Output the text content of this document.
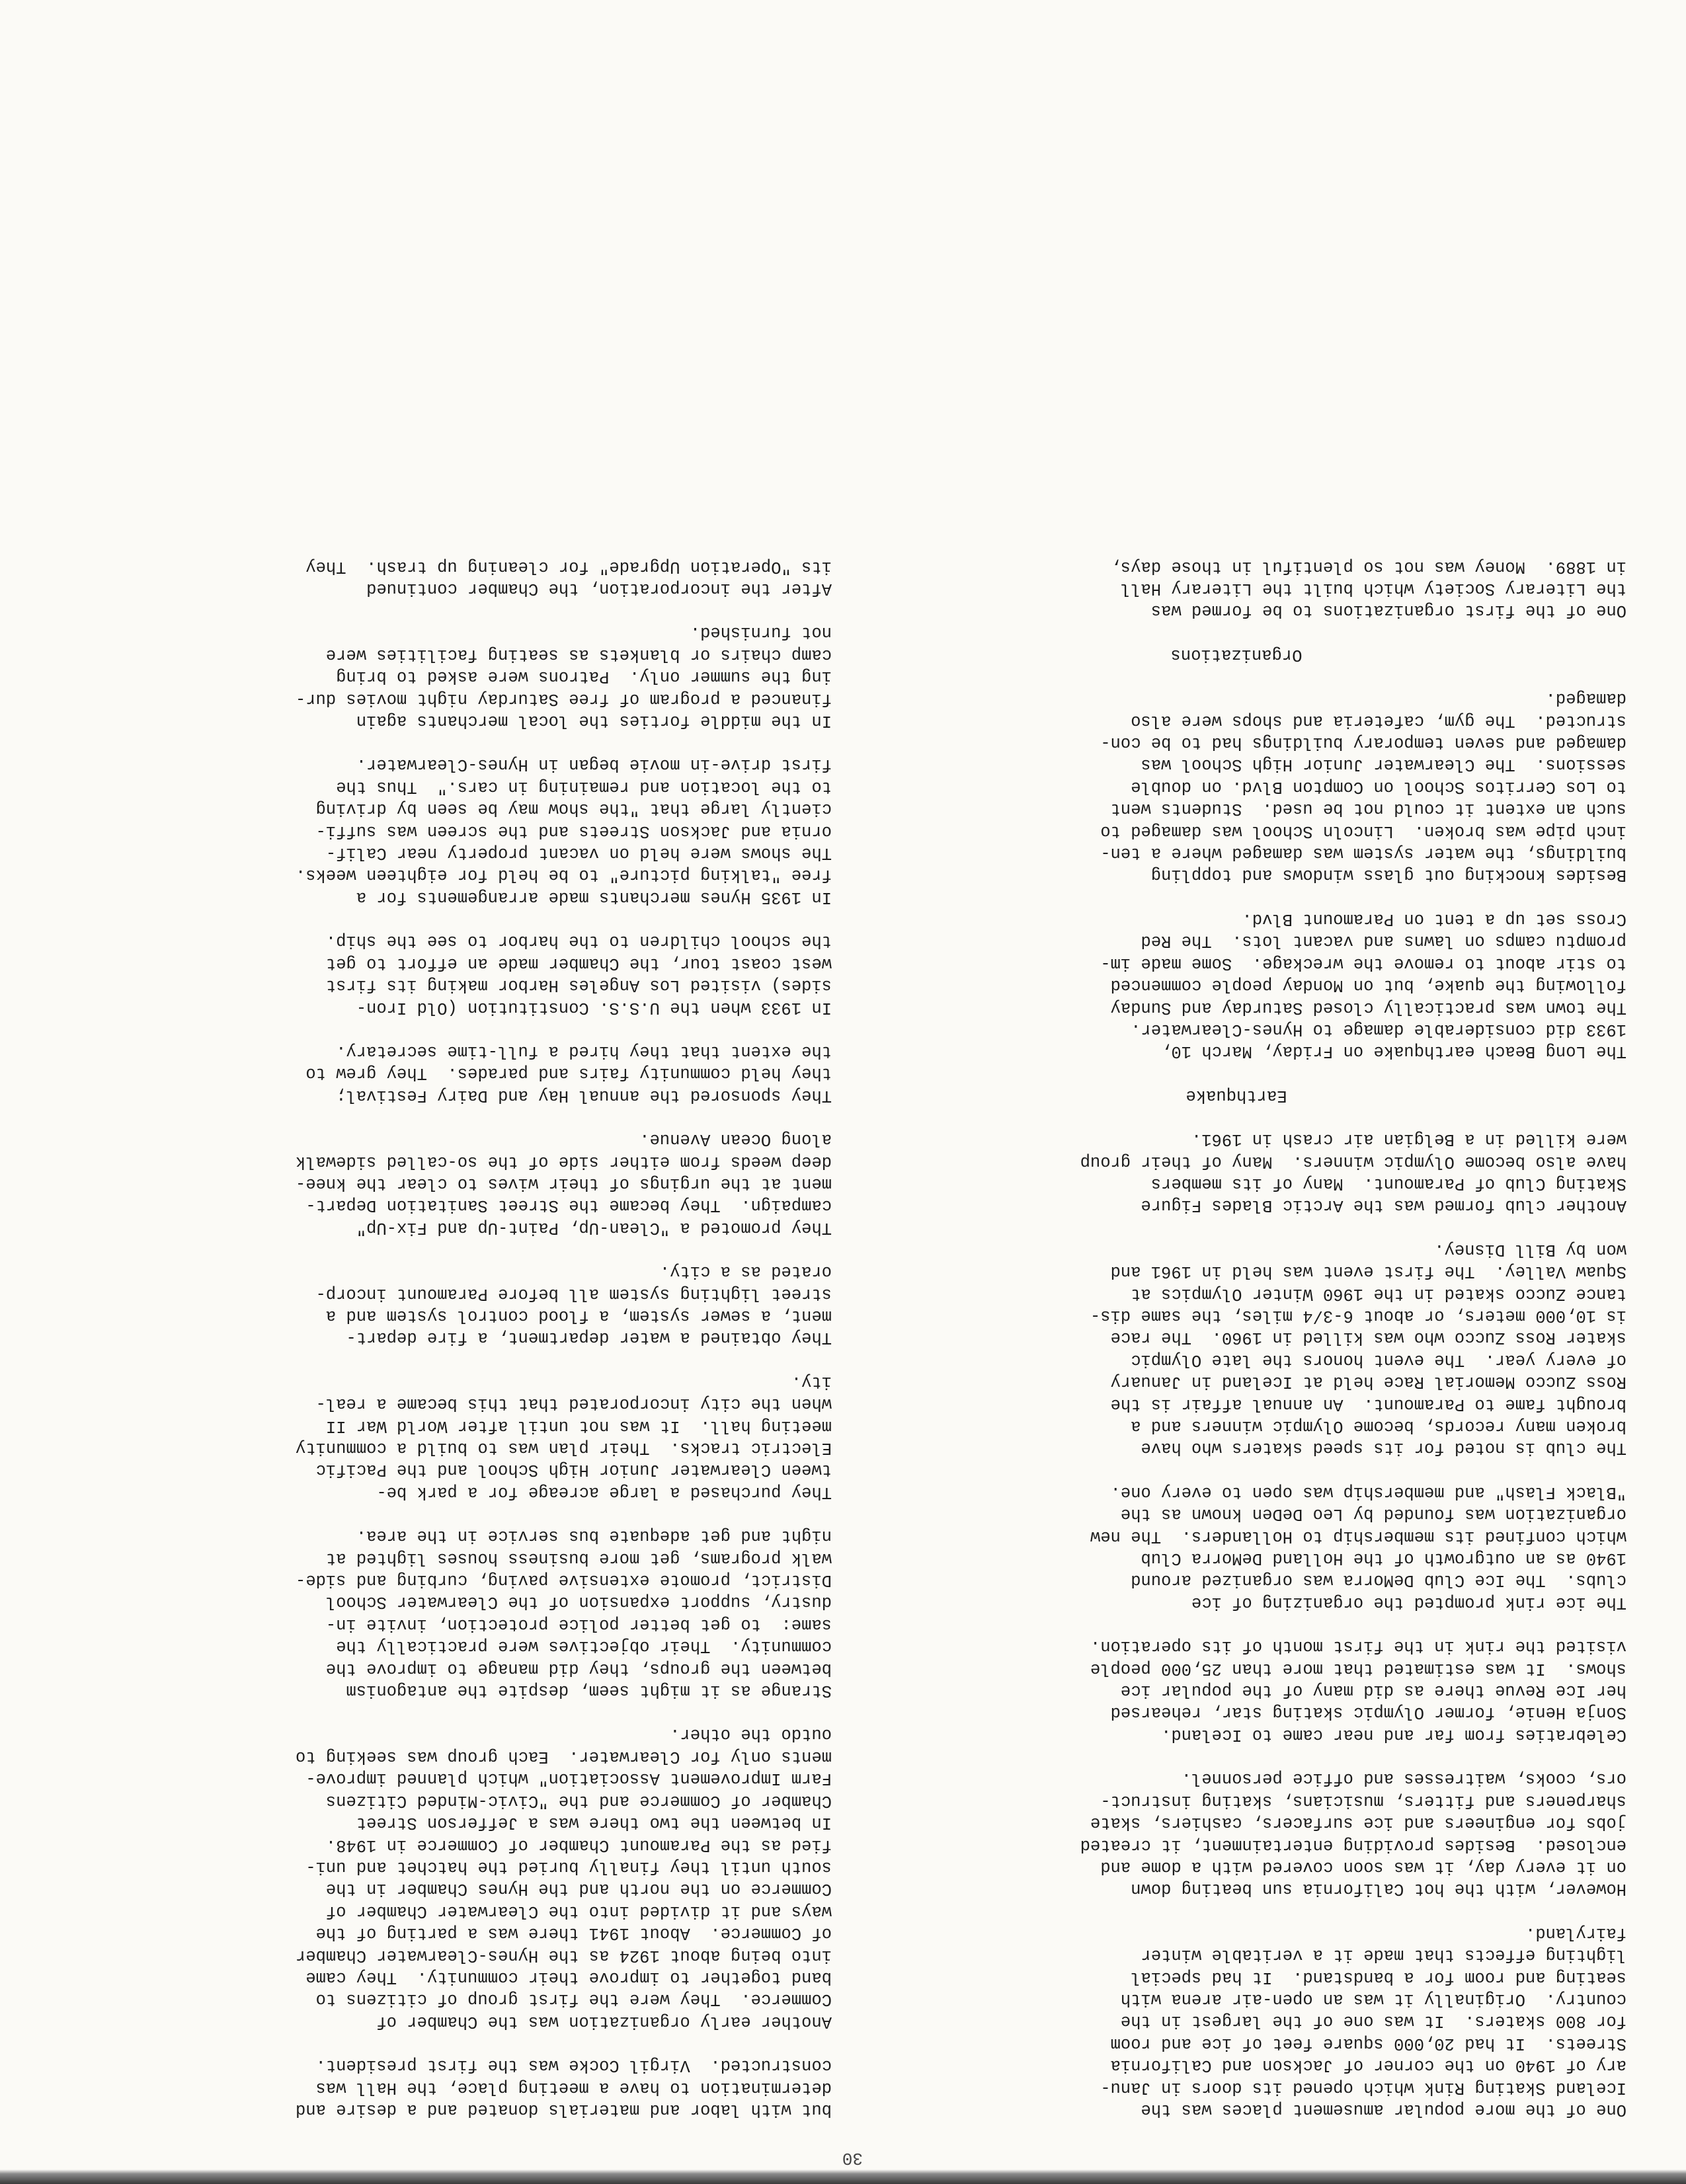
30
One of the more popular amusement places was the
Iceland Skating Rink which opened its doors in Janu-
ary of 1940 on the corner of Jackson and California
Streets.  It had 20,000 square feet of ice and room
for 800 skaters.  It was one of the largest in the
country.  Originally it was an open-air arena with
seating and room for a bandstand.  It had special
lighting effects that made it a veritable winter
fairyland.
However, with the hot California sun beating down
on it every day, it was soon covered with a dome and
enclosed.  Besides providing entertainment, it created
jobs for engineers and ice surfacers, cashiers, skate
sharpeners and fitters, musicians, skating instruct-
ors, cooks, waitresses and office personnel.
Celebraties from far and near came to Iceland.
Sonja Henie, former Olympic skating star, rehearsed
her Ice Revue there as did many of the popular ice
shows.  It was estimated that more than 25,000 people
visited the rink in the first month of its operation.
The ice rink prompted the organizing of ice
clubs.  The Ice Club DeMorra was organized around
1940 as an outgrowth of the Holland DeMorra Club
which confined its membership to Hollanders.  The new
organization was founded by Leo DeDen known as the
"Black Flash" and membership was open to every one.
The club is noted for its speed skaters who have
broken many records, become Olympic winners and a
brought fame to Paramount.  An annual affair is the
Ross Zucco Memorial Race held at Iceland in January
of every year.  The event honors the late Olympic
skater Ross Zucco who was killed in 1960.  The race
is 10,000 meters, or about 6-3/4 miles, the same dis-
tance Zucco skated in the 1960 Winter Olympics at
Squaw Valley.  The first event was held in 1961 and
won by Bill Disney.
Another club formed was the Arctic Blades Figure
Skating Club of Paramount.  Many of its members
have also become Olympic winners.  Many of their group
were killed in a Belgian air crash in 1961.
Earthquake
The Long Beach earthquake on Friday, March 10,
1933 did considerable damage to Hynes-Clearwater.
The town was practically closed Saturday and Sunday
following the quake, but on Monday people commenced
to stir about to remove the wreckage.  Some made im-
promptu camps on lawns and vacant lots.  The Red
Cross set up a tent on Paramount Blvd.
Besides knocking out glass windows and toppling
buildings, the water system was damaged where a ten-
inch pipe was broken.  Lincoln School was damaged to
such an extent it could not be used.  Students went
to Los Cerritos School on Compton Blvd. on double
sessions.  The Clearwater Junior High School was
damaged and seven temporary buildings had to be con-
structed.  The gym, cafeteria and shops were also
damaged.
Organizations
One of the first organizations to be formed was
the Literary Society which built the Literary Hall
in 1889.  Money was not so plentiful in those days,
but with labor and materials donated and a desire and
determination to have a meeting place, the Hall was
constructed.  Virgil Cocke was the first president.
Another early organization was the Chamber of
Commerce.  They were the first group of citizens to
band together to improve their community.  They came
into being about 1924 as the Hynes-Clearwater Chamber
of Commerce.  About 1941 there was a parting of the
ways and it divided into the Clearwater Chamber of
Commerce on the north and the Hynes Chamber in the
south until they finally buried the hatchet and uni-
fied as the Paramount Chamber of Commerce in 1948.
In between the two there was a Jefferson Street
Chamber of Commerce and the "Civic-Minded Citizens
Farm Improvement Association" which planned improve-
ments only for Clearwater.  Each group was seeking to
outdo the other.
Strange as it might seem, despite the antagonism
between the groups, they did manage to improve the
community.  Their objectives were practically the
same:  to get better police protection, invite in-
dustry, support expansion of the Clearwater School
District, promote extensive paving, curbing and side-
walk programs, get more business houses lighted at
night and get adequate bus service in the area.
They purchased a large acreage for a park be-
tween Clearwater Junior High School and the Pacific
Electric tracks.  Their plan was to build a community
meeting hall.  It was not until after World War II
when the city incorporated that this became a real-
ity.
They obtained a water department, a fire depart-
ment, a sewer system, a flood control system and a
street lighting system all before Paramount incorp-
orated as a city.
They promoted a "Clean-Up, Paint-Up and Fix-Up"
campaign.  They became the Street Sanitation Depart-
ment at the urgings of their wives to clear the knee-
deep weeds from either side of the so-called sidewalk
along Ocean Avenue.
They sponsored the annual Hay and Dairy Festival;
they held community fairs and parades.  They grew to
the extent that they hired a full-time secretary.
In 1933 when the U.S.S. Constitution (Old Iron-
sides) visited Los Angeles Harbor making its first
west coast tour, the Chamber made an effort to get
the school children to the harbor to see the ship.
In 1935 Hynes merchants made arrangements for a
free "talking picture" to be held for eighteen weeks.
The shows were held on vacant property near Calif-
ornia and Jackson Streets and the screen was suffi-
ciently large that "the show may be seen by driving
to the location and remaining in cars."  Thus the
first drive-in movie began in Hynes-Clearwater.
In the middle forties the local merchants again
financed a program of free Saturday night movies dur-
ing the summer only.  Patrons were asked to bring
camp chairs or blankets as seating facilities were
not furnished.
After the incorporation, the Chamber continued
its "Operation Upgrade" for cleaning up trash.  They
